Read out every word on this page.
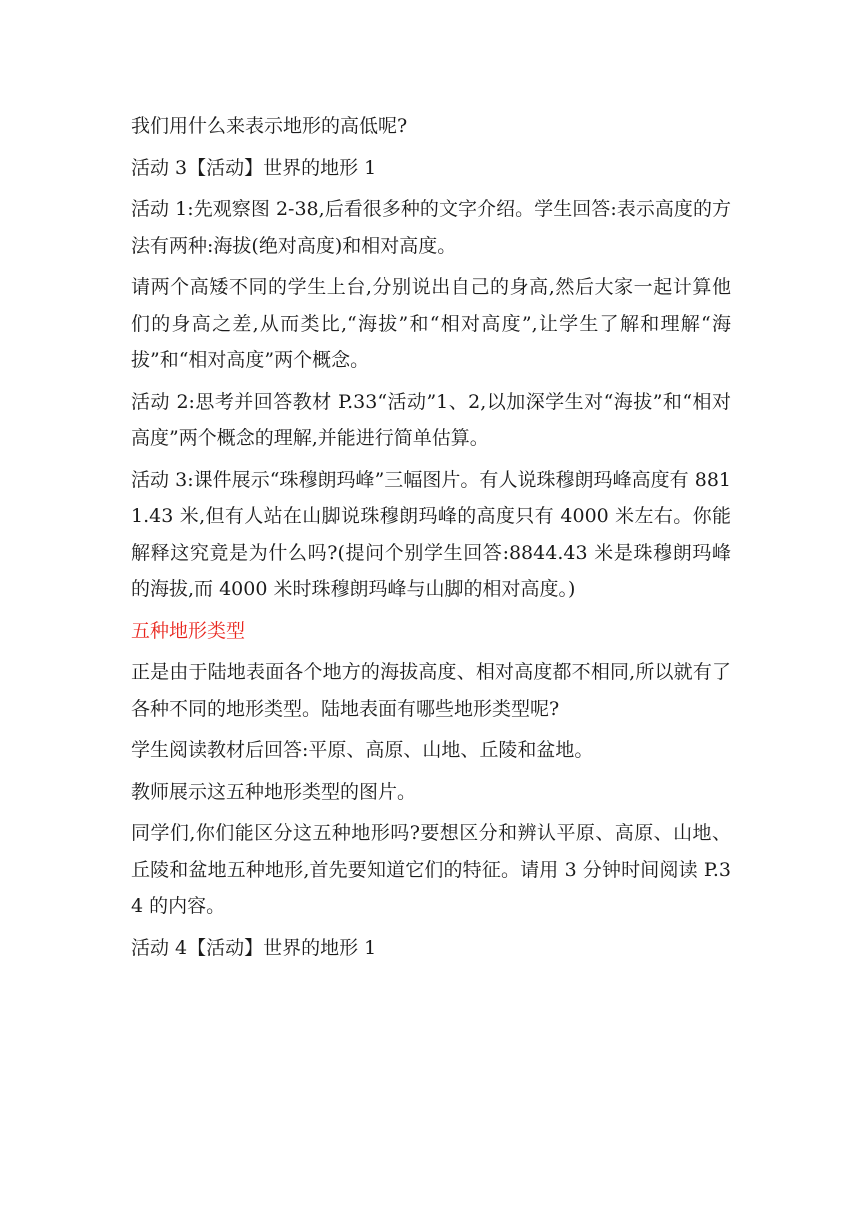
我们用什么来表示地形的高低呢?

活动 3【活动】世界的地形 1

活动 1:先观察图 2-38,后看很多种的文字介绍。学生回答:表示高度的方法有两种:海拔(绝对高度)和相对高度。

请两个高矮不同的学生上台,分别说出自己的身高,然后大家一起计算他们的身高之差,从而类比,“海拔”和“相对高度”,让学生了解和理解“海拔”和“相对高度”两个概念。

活动 2:思考并回答教材 P.33“活动”1、2,以加深学生对“海拔”和“相对高度”两个概念的理解,并能进行简单估算。

活动 3:课件展示“珠穆朗玛峰”三幅图片。有人说珠穆朗玛峰高度有 8811.43 米,但有人站在山脚说珠穆朗玛峰的高度只有 4000 米左右。你能解释这究竟是为什么吗?(提问个别学生回答:8844.43 米是珠穆朗玛峰的海拔,而 4000 米时珠穆朗玛峰与山脚的相对高度。)

五种地形类型

正是由于陆地表面各个地方的海拔高度、相对高度都不相同,所以就有了各种不同的地形类型。陆地表面有哪些地形类型呢?

学生阅读教材后回答:平原、高原、山地、丘陵和盆地。

教师展示这五种地形类型的图片。

同学们,你们能区分这五种地形吗?要想区分和辨认平原、高原、山地、丘陵和盆地五种地形,首先要知道它们的特征。请用 3 分钟时间阅读 P.34 的内容。

活动 4【活动】世界的地形 1
